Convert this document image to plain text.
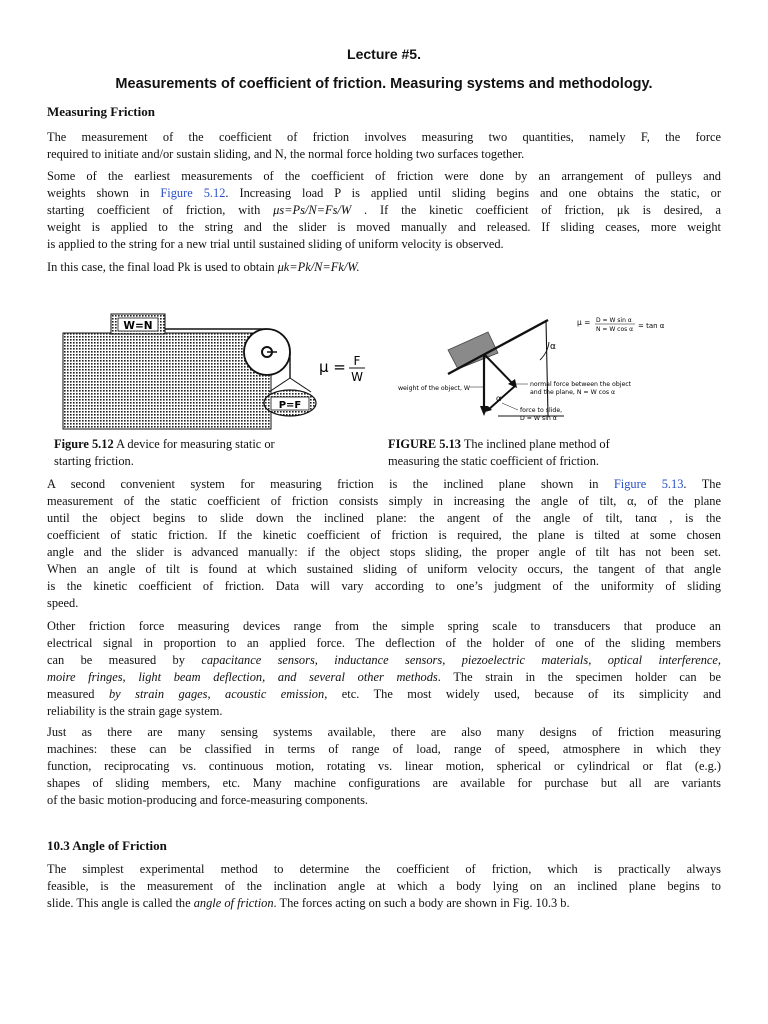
Lecture #5.
Measurements of coefficient of friction. Measuring systems and methodology.
Measuring Friction
The measurement of the coefficient of friction involves measuring two quantities, namely F, the force
required to initiate and/or sustain sliding, and N, the normal force holding two surfaces together.
Some of the earliest measurements of the coefficient of friction were done by an arrangement of pulleys and
weights shown in Figure 5.12. Increasing load P is applied until sliding begins and one obtains the static, or
starting coefficient of friction, with μs=Ps/N=Fs/W . If the kinetic coefficient of friction, μk is desired, a
weight is applied to the string and the slider is moved manually and released. If sliding ceases, more weight
is applied to the string for a new trial until sustained sliding of uniform velocity is observed.
In this case, the final load Pk is used to obtain μk=Pk/N=Fk/W.
W=N
P=F
μ = F
W
Figure 5.12 A device for measuring static or
starting friction.
α
α
μ = D = W sin α
N = W cos α = tan α
weight of the object, W
normal force between the object
and the plane, N = W cos α
force to slide,
D = W sin α
FIGURE 5.13 The inclined plane method of
measuring the static coefficient of friction.
A second convenient system for measuring friction is the inclined plane shown in Figure 5.13. The
measurement of the static coefficient of friction consists simply in increasing the angle of tilt, α, of the plane
until the object begins to slide down the inclined plane: the angent of the angle of tilt, tanα , is the
coefficient of static friction. If the kinetic coefficient of friction is required, the plane is tilted at some chosen
angle and the slider is advanced manually: if the object stops sliding, the proper angle of tilt has not been set.
When an angle of tilt is found at which sustained sliding of uniform velocity occurs, the tangent of that angle
is the kinetic coefficient of friction. Data will vary according to one’s judgment of the uniformity of sliding
speed.
Other friction force measuring devices range from the simple spring scale to transducers that produce an
electrical signal in proportion to an applied force. The deflection of the holder of one of the sliding members
can be measured by capacitance sensors, inductance sensors, piezoelectric materials, optical interference,
moire fringes, light beam deflection, and several other methods. The strain in the specimen holder can be
measured by strain gages, acoustic emission, etc. The most widely used, because of its simplicity and
reliability is the strain gage system.
Just as there are many sensing systems available, there are also many designs of friction measuring
machines: these can be classified in terms of range of load, range of speed, atmosphere in which they
function, reciprocating vs. continuous motion, rotating vs. linear motion, spherical or cylindrical or flat (e.g.)
shapes of sliding members, etc. Many machine configurations are available for purchase but all are variants
of the basic motion-producing and force-measuring components.
10.3 Angle of Friction
The simplest experimental method to determine the coefficient of friction, which is practically always
feasible, is the measurement of the inclination angle at which a body lying on an inclined plane begins to
slide. This angle is called the angle of friction. The forces acting on such a body are shown in Fig. 10.3 b.
